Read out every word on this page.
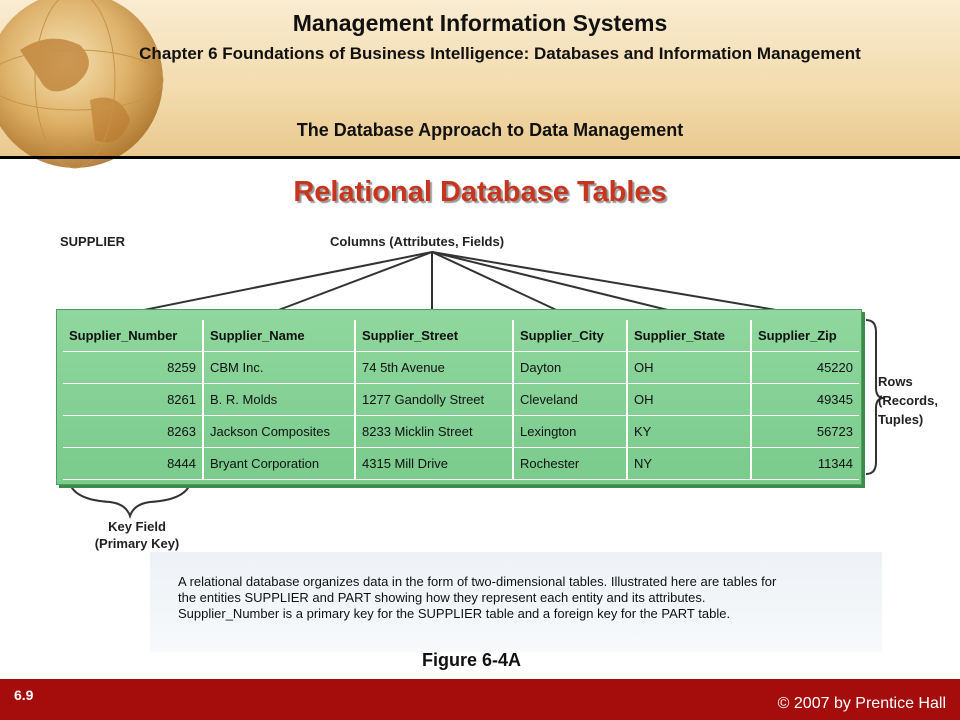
Management Information Systems
Chapter 6 Foundations of Business Intelligence: Databases and Information Management
The Database Approach to Data Management
Relational Database Tables
SUPPLIER	Columns (Attributes, Fields)
Supplier_Number	Supplier_Name	Supplier_Street	Supplier_City	Supplier_State	Supplier_Zip
8259	CBM Inc.	74 5th Avenue	Dayton	OH	45220
8261	B. R. Molds	1277 Gandolly Street	Cleveland	OH	49345
8263	Jackson Composites	8233 Micklin Street	Lexington	KY	56723
8444	Bryant Corporation	4315 Mill Drive	Rochester	NY	11344
Rows (Records, Tuples)
Key Field (Primary Key)
A relational database organizes data in the form of two-dimensional tables. Illustrated here are tables for the entities SUPPLIER and PART showing how they represent each entity and its attributes. Supplier_Number is a primary key for the SUPPLIER table and a foreign key for the PART table.
Figure 6-4A
6.9	© 2007 by Prentice Hall
